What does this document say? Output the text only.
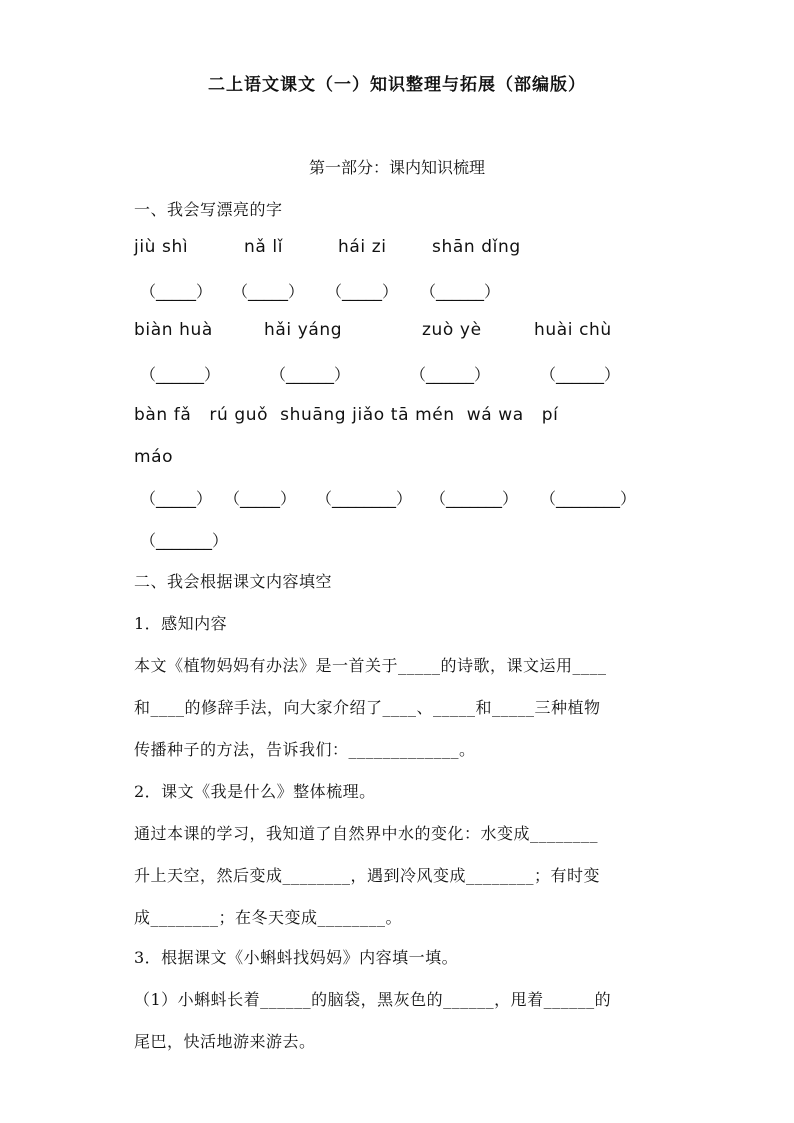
二上语文课文（一）知识整理与拓展（部编版）
第一部分：课内知识梳理
一、我会写漂亮的字
jiù shì	nǎ lǐ	hái zi	shān dǐng
（_____） （_____） （_____） （______）
biàn huà	hǎi yáng	zuò yè	huài chù
（______）	（______）	（______）	（______）
bàn fǎ   rú guǒ  shuāng jiǎo tā mén  wá wa   pí
máo
（_____） （_____） （________） （_______） （________）
（_______）
二、我会根据课文内容填空
1．感知内容
本文《植物妈妈有办法》是一首关于_____的诗歌，课文运用____
和____的修辞手法，向大家介绍了____、_____和_____三种植物
传播种子的方法，告诉我们：_____________。
2．课文《我是什么》整体梳理。
通过本课的学习，我知道了自然界中水的变化：水变成________
升上天空，然后变成________，遇到冷风变成________；有时变
成________；在冬天变成________。
3．根据课文《小蝌蚪找妈妈》内容填一填。
（1）小蝌蚪长着______的脑袋，黑灰色的______，甩着______的
尾巴，快活地游来游去。
